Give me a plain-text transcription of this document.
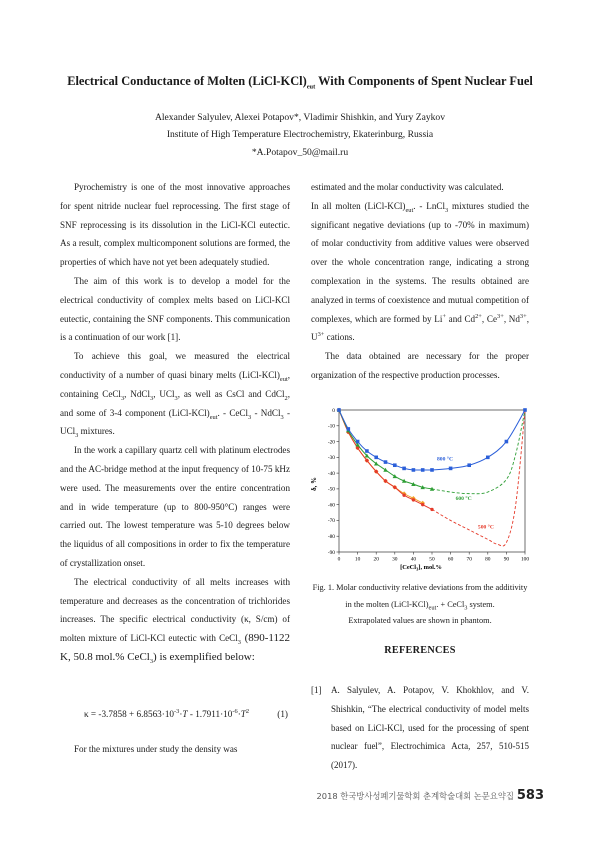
Electrical Conductance of Molten $(LiCl-KCl)_{eut}$ With Components of Spent Nuclear Fuel
Alexander Salyulev, Alexei Potapov*, Vladimir Shishkin, and Yury Zaykov
Institute of High Temperature Electrochemistry, Ekaterinburg, Russia
*A.Potapov_50@mail.ru

Pyrochemistry is one of the most innovative approaches for spent nitride nuclear fuel reprocessing. The first stage of SNF reprocessing is its dissolution in the LiCl-KCl eutectic. As a result, complex multicomponent solutions are formed, the properties of which have not yet been adequately studied.

The aim of this work is to develop a model for the electrical conductivity of complex melts based on LiCl-KCl eutectic, containing the SNF components. This communication is a continuation of our work [1].

To achieve this goal, we measured the electrical conductivity of a number of quasi binary melts $(LiCl-KCl)_{eut}$, containing CeCl$_3$, NdCl$_3$, UCl$_3$, as well as CsCl and CdCl$_2$, and some of 3-4 component $(LiCl-KCl)_{eut}$. - CeCl$_3$ - NdCl$_3$ - UCl$_3$ mixtures.

In the work a capillary quartz cell with platinum electrodes and the AC-bridge method at the input frequency of 10-75 kHz were used. The measurements over the entire concentration and in wide temperature (up to 800-950°C) ranges were carried out. The lowest temperature was 5-10 degrees below the liquidus of all compositions in order to fix the temperature of crystallization onset.

The electrical conductivity of all melts increases with temperature and decreases as the concentration of trichlorides increases. The specific electrical conductivity (κ, S/cm) of molten mixture of LiCl-KCl eutectic with CeCl$_3$ (890-1122 K, 50.8 mol.% CeCl$_3$) is exemplified below:

$\kappa = -3.7858 + 6.8563\cdot 10^{-3}\cdot T - 1.7911\cdot 10^{-6}\cdot T^2$	(1)

For the mixtures under study the density was

estimated and the molar conductivity was calculated.

In all molten $(LiCl-KCl)_{eut}$. - LnCl$_3$ mixtures studied the significant negative deviations (up to -70% in maximum) of molar conductivity from additive values were observed over the whole concentration range, indicating a strong complexation in the systems. The results obtained are analyzed in terms of coexistence and mutual competition of complexes, which are formed by Li+ and $Cd^{2+}$, $Ce^{3+}$, $Nd^{3+}$, $U^{3+}$ cations.

The data obtained are necessary for the proper organization of the respective production processes.

0	10 20 30 40 50 60 70 80 90 100
0
-10
-20
-30
-40
-50
-60
-70
-80
-90
800 °C
600 °C
500 °C
[CeCl$_3$], mol.%
δ, %
Fig. 1. Molar conductivity relative deviations from the additivity in the molten $(LiCl-KCl)_{eut}$. + CeCl$_3$ system.
Extrapolated values are shown in phantom.
REFERENCES
[1] A. Salyulev, A. Potapov, V. Khokhlov, and V. Shishkin, “The electrical conductivity of model melts based on LiCl-KCl, used for the processing of spent nuclear fuel”, Electrochimica Acta, 257, 510-515 (2017).
2018 한국방사성폐기물학회 춘계학술대회 논문요약집 583
